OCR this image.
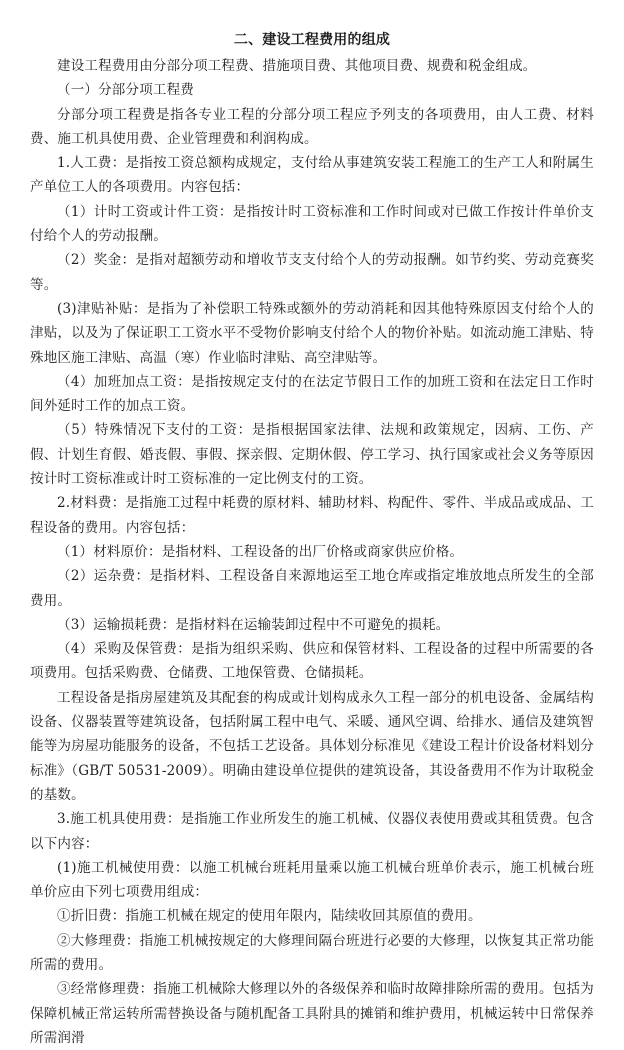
二、建设工程费用的组成

建设工程费用由分部分项工程费、措施项目费、其他项目费、规费和税金组成。

（一）分部分项工程费

分部分项工程费是指各专业工程的分部分项工程应予列支的各项费用，由人工费、材料费、施工机具使用费、企业管理费和利润构成。

1.人工费：是指按工资总额构成规定，支付给从事建筑安装工程施工的生产工人和附属生产单位工人的各项费用。内容包括：

（1）计时工资或计件工资：是指按计时工资标准和工作时间或对已做工作按计件单价支付给个人的劳动报酬。

（2）奖金：是指对超额劳动和增收节支支付给个人的劳动报酬。如节约奖、劳动竞赛奖等。

(3)津贴补贴：是指为了补偿职工特殊或额外的劳动消耗和因其他特殊原因支付给个人的津贴，以及为了保证职工工资水平不受物价影响支付给个人的物价补贴。如流动施工津贴、特殊地区施工津贴、高温（寒）作业临时津贴、高空津贴等。

（4）加班加点工资：是指按规定支付的在法定节假日工作的加班工资和在法定日工作时间外延时工作的加点工资。

（5）特殊情况下支付的工资：是指根据国家法律、法规和政策规定，因病、工伤、产假、计划生育假、婚丧假、事假、探亲假、定期休假、停工学习、执行国家或社会义务等原因按计时工资标准或计时工资标准的一定比例支付的工资。

2.材料费：是指施工过程中耗费的原材料、辅助材料、构配件、零件、半成品或成品、工程设备的费用。内容包括：

（1）材料原价：是指材料、工程设备的出厂价格或商家供应价格。

（2）运杂费：是指材料、工程设备自来源地运至工地仓库或指定堆放地点所发生的全部费用。

（3）运输损耗费：是指材料在运输装卸过程中不可避免的损耗。

（4）采购及保管费：是指为组织采购、供应和保管材料、工程设备的过程中所需要的各项费用。包括采购费、仓储费、工地保管费、仓储损耗。

工程设备是指房屋建筑及其配套的构成或计划构成永久工程一部分的机电设备、金属结构设备、仪器装置等建筑设备，包括附属工程中电气、采暖、通风空调、给排水、通信及建筑智能等为房屋功能服务的设备，不包括工艺设备。具体划分标准见《建设工程计价设备材料划分标准》（GB/T 50531-2009）。明确由建设单位提供的建筑设备，其设备费用不作为计取税金的基数。

3.施工机具使用费：是指施工作业所发生的施工机械、仪器仪表使用费或其租赁费。包含以下内容：

(1)施工机械使用费：以施工机械台班耗用量乘以施工机械台班单价表示，施工机械台班单价应由下列七项费用组成：

①折旧费：指施工机械在规定的使用年限内，陆续收回其原值的费用。

②大修理费：指施工机械按规定的大修理间隔台班进行必要的大修理，以恢复其正常功能所需的费用。

③经常修理费：指施工机械除大修理以外的各级保养和临时故障排除所需的费用。包括为保障机械正常运转所需替换设备与随机配备工具附具的摊销和维护费用，机械运转中日常保养所需润滑
